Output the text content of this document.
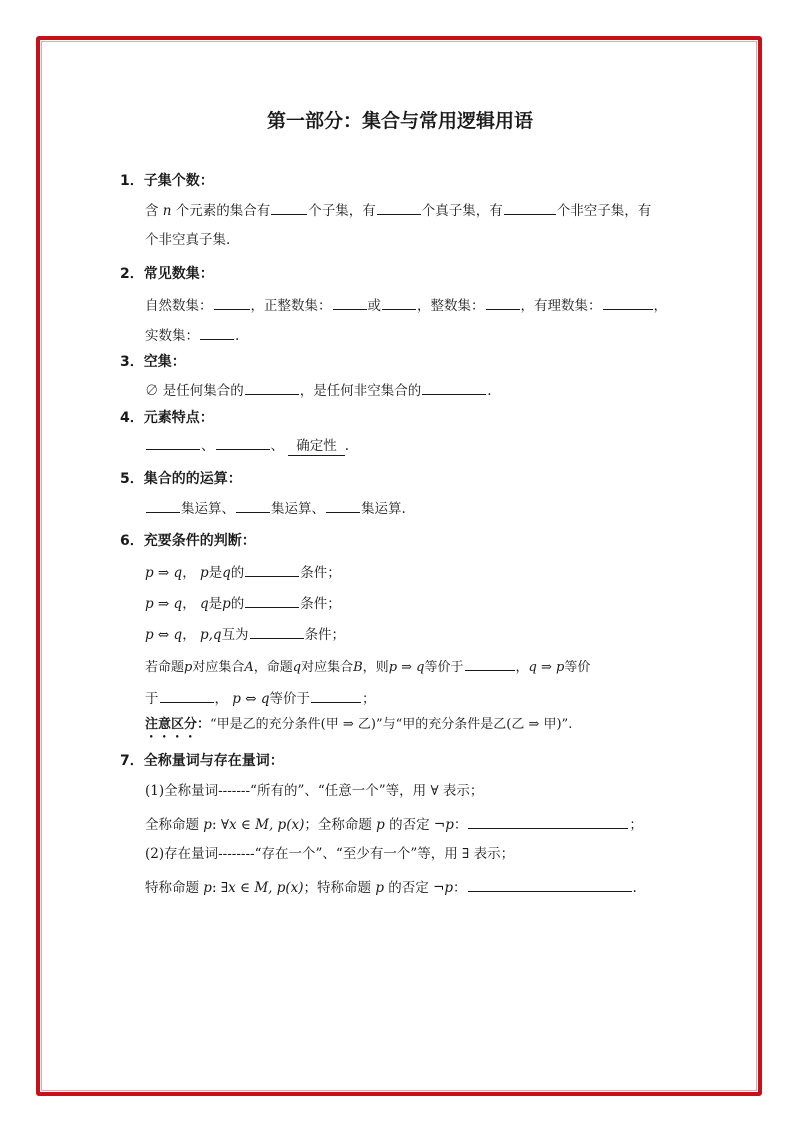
第一部分：集合与常用逻辑用语
1．子集个数：
含 n 个元素的集合有	个子集，有	个真子集，有	个非空子集，有
个非空真子集.
2．常见数集：
自然数集：	，正整数集：	或	，整数集：	，有理数集：	，
实数集：	.
3．空集：
∅ 是任何集合的	，是任何非空集合的	.
4．元素特点：
、	、 确定性 .
5．集合的的运算：
集运算、	集运算、	集运算.
6．充要条件的判断：
p ⇒ q， p是q的	条件；
p ⇒ q， q是p的	条件；
p ⇔ q， p,q互为	条件；
若命题p对应集合A，命题q对应集合B，则p ⇒ q等价于	，q ⇒ p等价
于	， p ⇔ q等价于	；
注意区分：“甲是乙的充分条件(甲 ⇒ 乙)”与“甲的充分条件是乙(乙 ⇒ 甲)”.
7．全称量词与存在量词：
(1)全称量词-------“所有的”、“任意一个”等，用 ∀ 表示；
全称命题 p: ∀x ∈ M, p(x)；全称命题 p 的否定 ¬p：	；
(2)存在量词--------“存在一个”、“至少有一个”等，用 ∃ 表示；
特称命题 p: ∃x ∈ M, p(x)；特称命题 p 的否定 ¬p：	.
